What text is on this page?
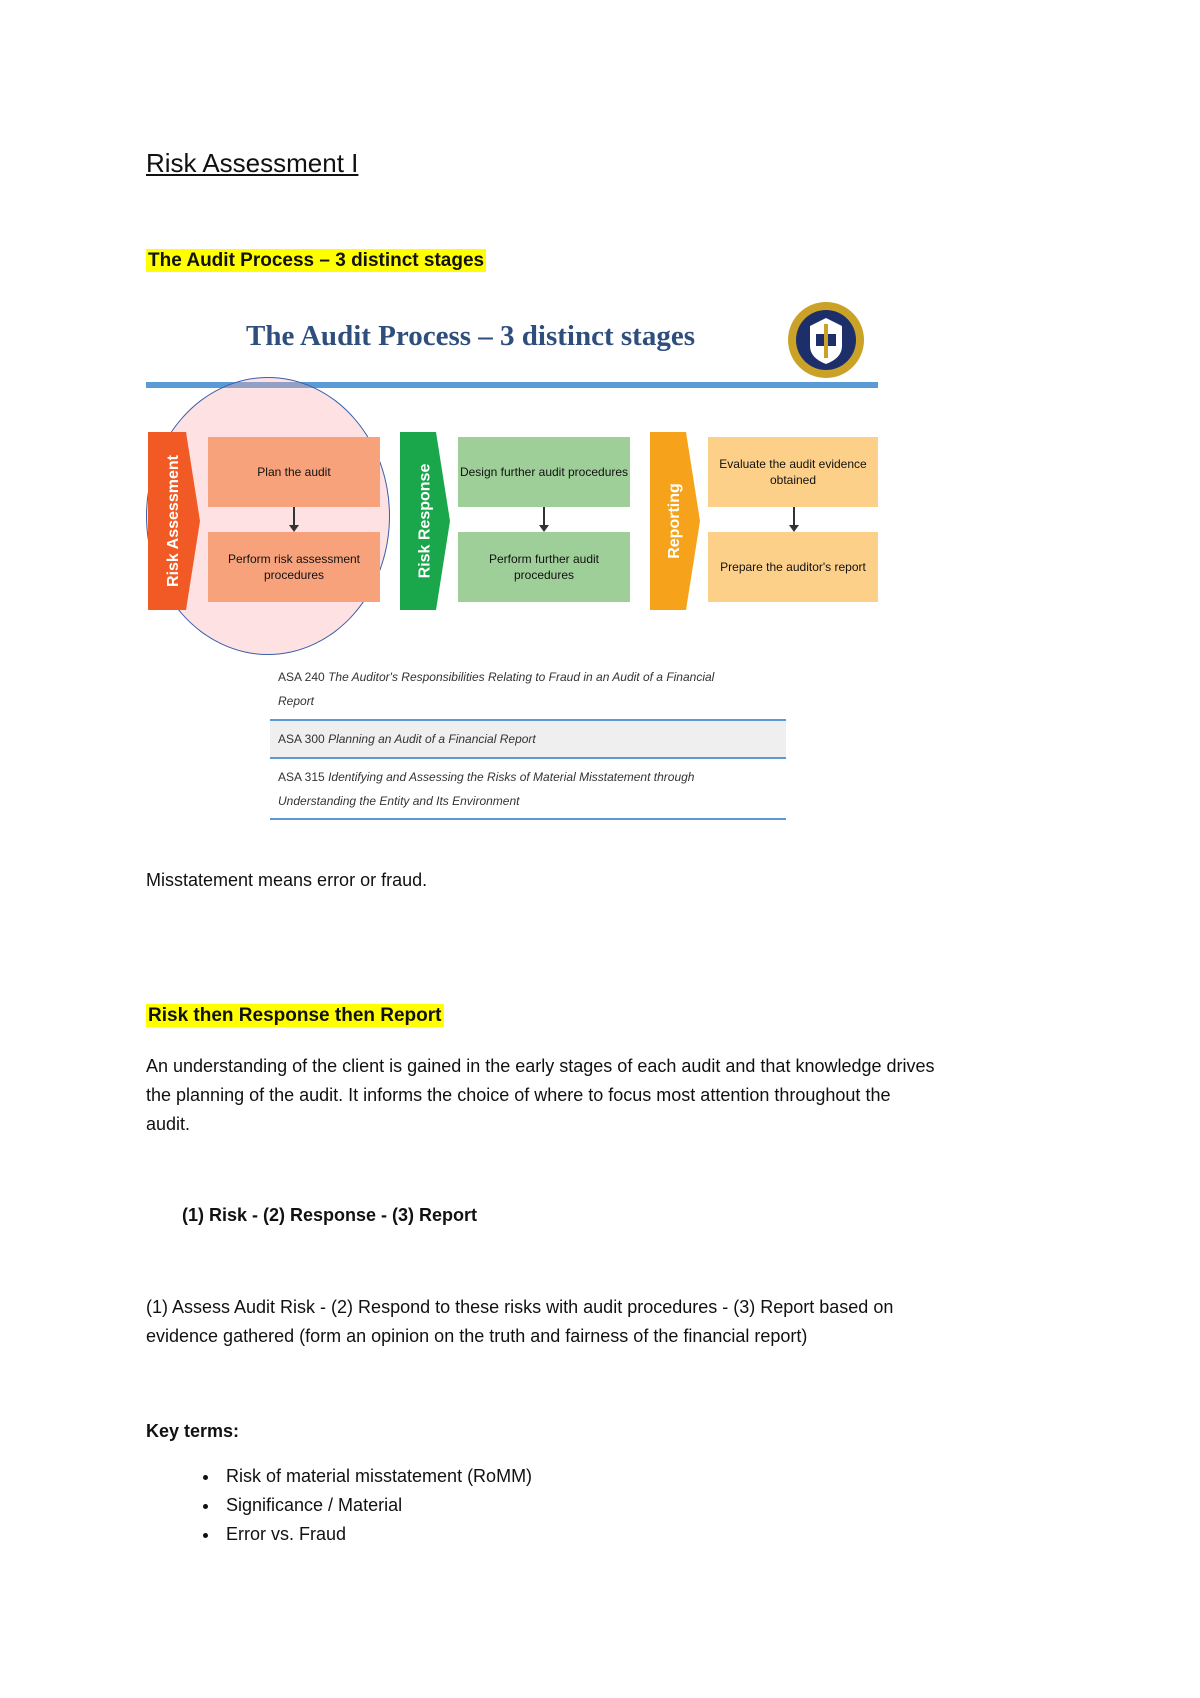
Risk Assessment I
The Audit Process – 3 distinct stages
The Audit Process – 3 distinct stages
Risk Assessment	Plan the audit
Perform risk assessment procedures	Risk Response Design further audit procedures
Perform further audit procedures
Reporting
Evaluate the audit evidence obtained
Prepare the auditor's report
ASA 240 The Auditor's Responsibilities Relating to Fraud in an Audit of a Financial
Report
ASA 300 Planning an Audit of a Financial Report
ASA 315 Identifying and Assessing the Risks of Material Misstatement through
Understanding the Entity and Its Environment
Misstatement means error or fraud.
Risk then Response then Report
An understanding of the client is gained in the early stages of each audit and that knowledge drives
the planning of the audit. It informs the choice of where to focus most attention throughout the
audit.
(1) Risk - (2) Response - (3) Report
(1) Assess Audit Risk - (2) Respond to these risks with audit procedures - (3) Report based on
evidence gathered (form an opinion on the truth and fairness of the financial report)
Key terms:
• Risk of material misstatement (RoMM)
• Significance / Material
• Error vs. Fraud
